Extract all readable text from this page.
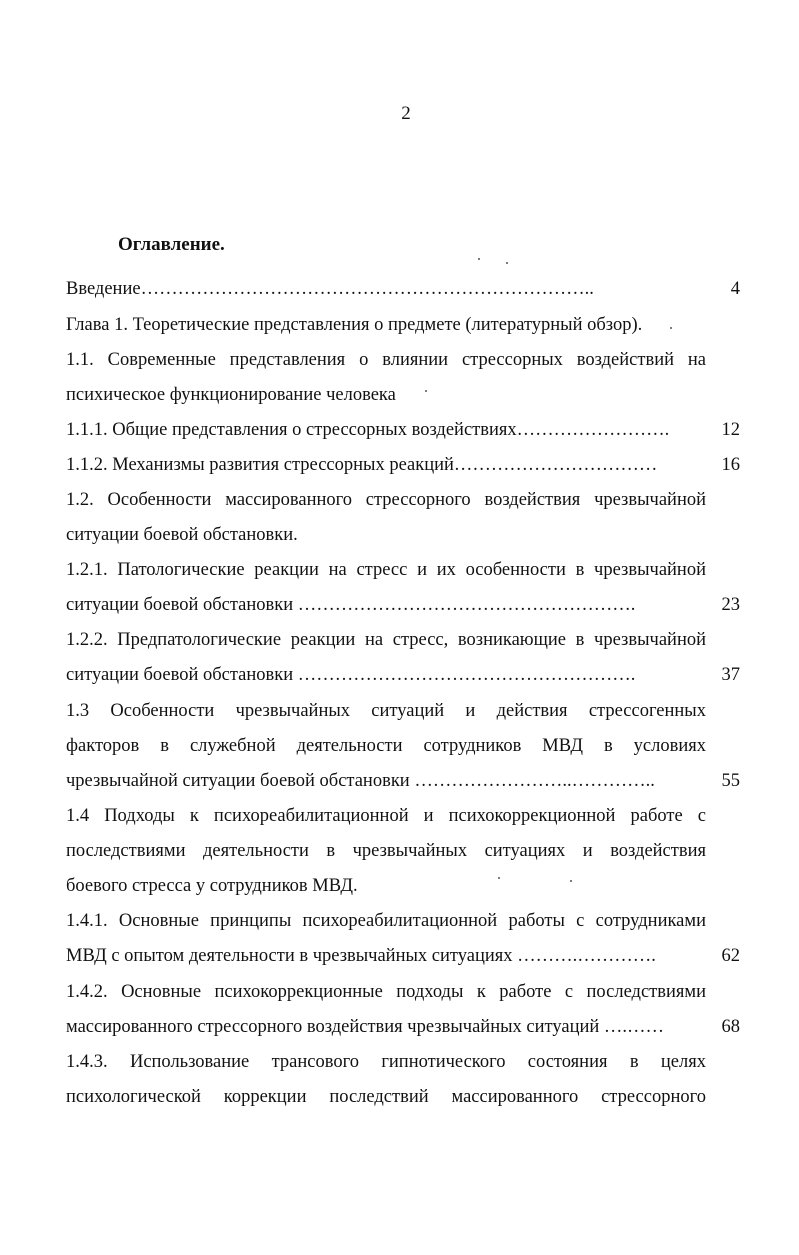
2
Оглавление.
Введение………………………………………………………………..	4
Глава 1. Теоретические представления о предмете (литературный обзор).
1.1. Современные представления о влиянии стрессорных воздействий на
психическое функционирование человека
1.1.1. Общие представления о стрессорных воздействиях…………………….	12
1.1.2. Механизмы развития стрессорных реакций……………………………	16
1.2. Особенности массированного стрессорного воздействия чрезвычайной
ситуации боевой обстановки.
1.2.1. Патологические реакции на стресс и их особенности в чрезвычайной
ситуации боевой обстановки ……………………………………………….	23
1.2.2. Предпатологические реакции на стресс, возникающие в чрезвычайной
ситуации боевой обстановки ……………………………………………….	37
1.3 Особенности чрезвычайных ситуаций и действия стрессогенных
факторов в служебной деятельности сотрудников МВД в условиях
чрезвычайной ситуации боевой обстановки ……………………..…………..	55
1.4 Подходы к психореабилитационной и психокоррекционной работе с
последствиями деятельности в чрезвычайных ситуациях и воздействия
боевого стресса у сотрудников МВД.
1.4.1. Основные принципы психореабилитационной работы с сотрудниками
МВД с опытом деятельности в чрезвычайных ситуациях ……….………….	62
1.4.2. Основные психокоррекционные подходы к работе с последствиями
массированного стрессорного воздействия чрезвычайных ситуаций ….……	68
1.4.3. Использование трансового гипнотического состояния в целях
психологической коррекции последствий массированного стрессорного
